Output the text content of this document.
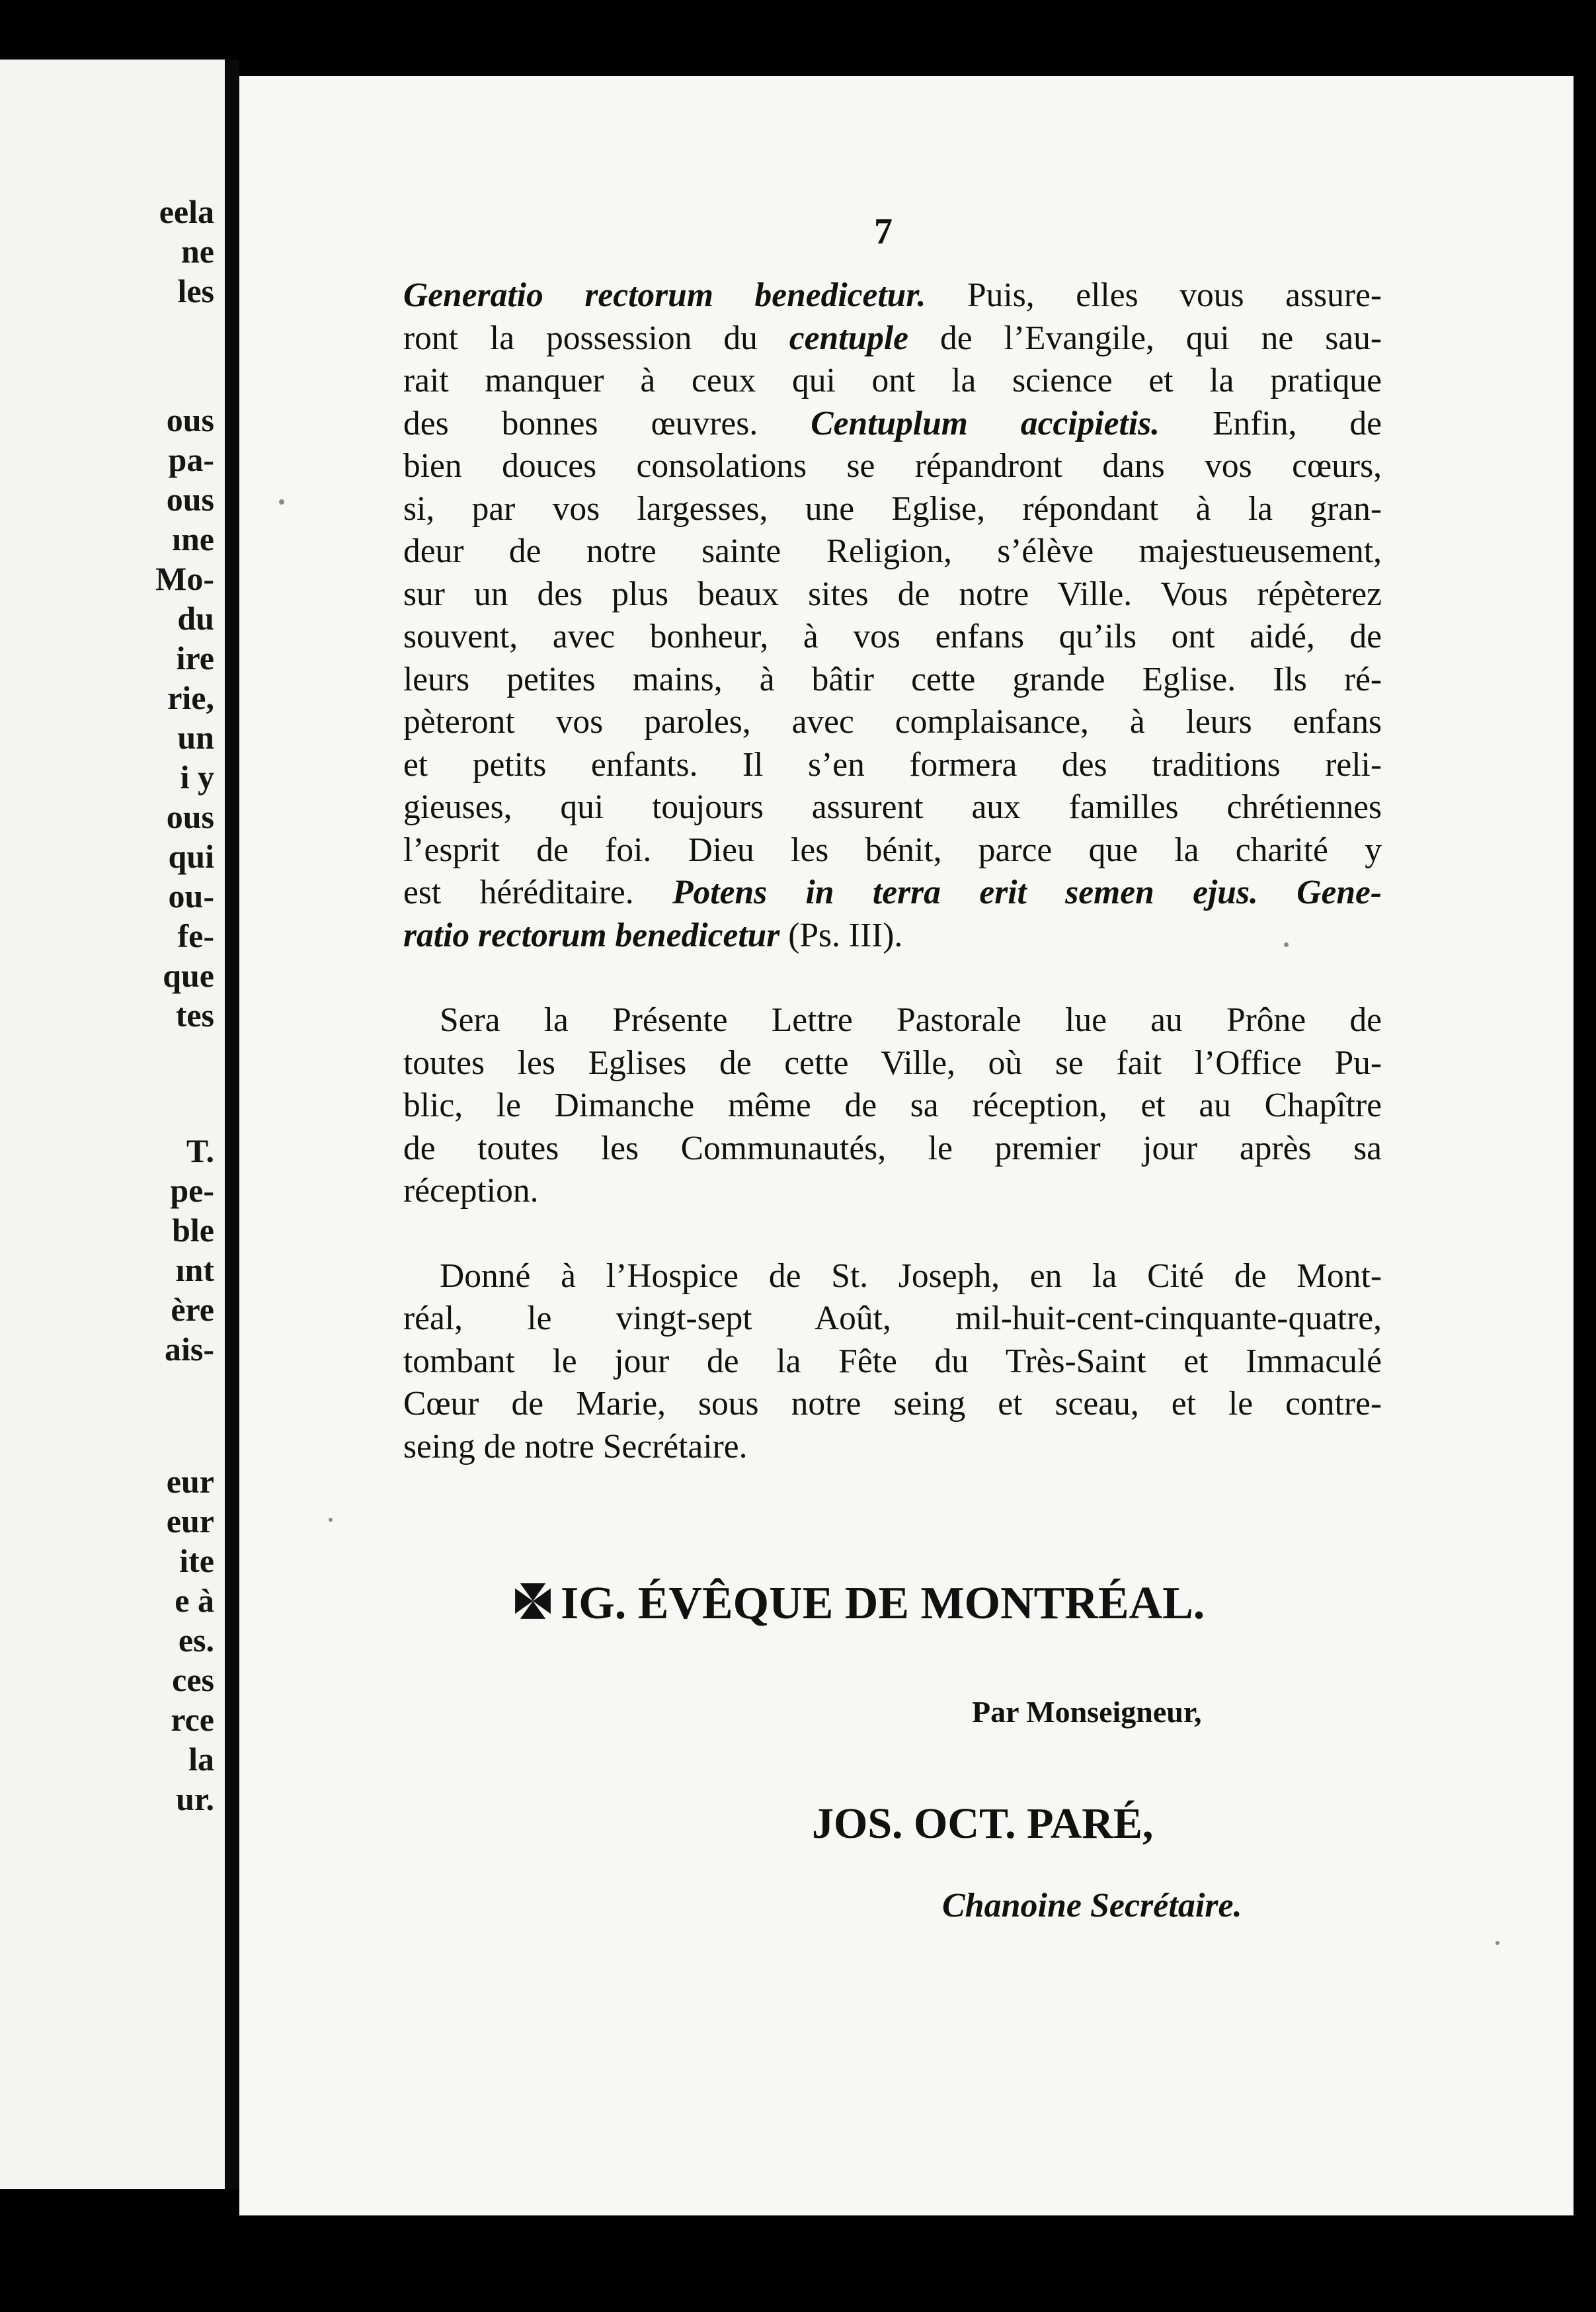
eela

ne

les

ous

pa-

ous

ıne

Mo-

du

ire

rie,

un

i y

ous

qui

ou-

fe-

que

tes

T.

pe-

ble

ınt

ère

ais-

eur

eur

ite

e à

es.

ces

rce

la

ur.

7

Generatio rectorum benedicetur. Puis, elles vous assure-
ront la possession du centuple de l’Evangile, qui ne sau-
rait manquer à ceux qui ont la science et la pratique
des bonnes œuvres. Centuplum accipietis. Enfin, de
bien douces consolations se répandront dans vos cœurs,
si, par vos largesses, une Eglise, répondant à la gran-
deur de notre sainte Religion, s’élève majestueusement,
sur un des plus beaux sites de notre Ville. Vous répèterez
souvent, avec bonheur, à vos enfans qu’ils ont aidé, de
leurs petites mains, à bâtir cette grande Eglise. Ils ré-
pèteront vos paroles, avec complaisance, à leurs enfans
et petits enfants. Il s’en formera des traditions reli-
gieuses, qui toujours assurent aux familles chrétiennes
l’esprit de foi. Dieu les bénit, parce que la charité y
est héréditaire. Potens in terra erit semen ejus. Gene-
ratio rectorum benedicetur (Ps. III).
Sera la Présente Lettre Pastorale lue au Prône de
toutes les Eglises de cette Ville, où se fait l’Office Pu-
blic, le Dimanche même de sa réception, et au Chapître
de toutes les Communautés, le premier jour après sa
réception.
Donné à l’Hospice de St. Joseph, en la Cité de Mont-
réal, le vingt-sept Août, mil-huit-cent-cinquante-quatre,
tombant le jour de la Fête du Très-Saint et Immaculé
Cœur de Marie, sous notre seing et sceau, et le contre-
seing de notre Secrétaire.

IG. ÉVÊQUE DE MONTRÉAL.

Par Monseigneur,

JOS. OCT. PARÉ,

Chanoine Secrétaire.
